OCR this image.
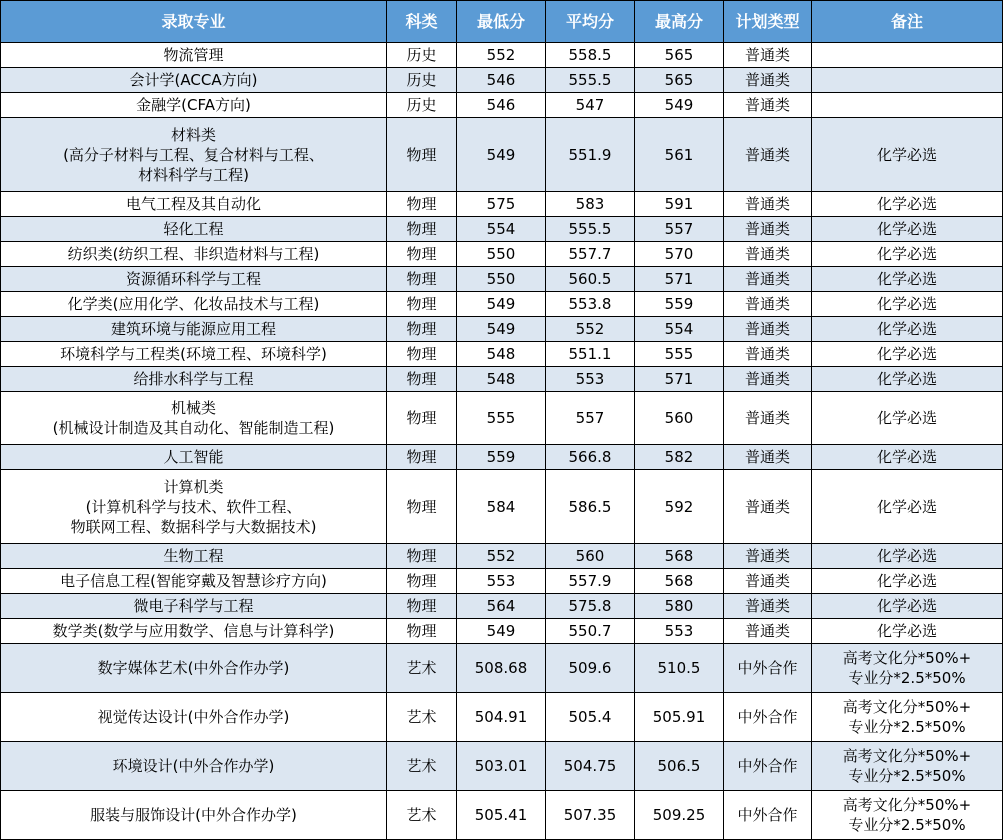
录取专业	科类	最低分	平均分	最高分	计划类型	备注
物流管理	历史	552	558.5	565	普通类	
会计学(ACCA方向)	历史	546	555.5	565	普通类	
金融学(CFA方向)	历史	546	547	549	普通类	
材料类
(高分子材料与工程、复合材料与工程、
材料科学与工程)	物理	549	551.9	561	普通类	化学必选
电气工程及其自动化	物理	575	583	591	普通类	化学必选
轻化工程	物理	554	555.5	557	普通类	化学必选
纺织类(纺织工程、非织造材料与工程)	物理	550	557.7	570	普通类	化学必选
资源循环科学与工程	物理	550	560.5	571	普通类	化学必选
化学类(应用化学、化妆品技术与工程)	物理	549	553.8	559	普通类	化学必选
建筑环境与能源应用工程	物理	549	552	554	普通类	化学必选
环境科学与工程类(环境工程、环境科学)	物理	548	551.1	555	普通类	化学必选
给排水科学与工程	物理	548	553	571	普通类	化学必选
机械类
(机械设计制造及其自动化、智能制造工程)	物理	555	557	560	普通类	化学必选
人工智能	物理	559	566.8	582	普通类	化学必选
计算机类
(计算机科学与技术、软件工程、
物联网工程、数据科学与大数据技术)	物理	584	586.5	592	普通类	化学必选
生物工程	物理	552	560	568	普通类	化学必选
电子信息工程(智能穿戴及智慧诊疗方向)	物理	553	557.9	568	普通类	化学必选
微电子科学与工程	物理	564	575.8	580	普通类	化学必选
数学类(数学与应用数学、信息与计算科学)	物理	549	550.7	553	普通类	化学必选
数字媒体艺术(中外合作办学)	艺术	508.68	509.6	510.5	中外合作	高考文化分*50%+
专业分*2.5*50%
视觉传达设计(中外合作办学)	艺术	504.91	505.4	505.91	中外合作	高考文化分*50%+
专业分*2.5*50%
环境设计(中外合作办学)	艺术	503.01	504.75	506.5	中外合作	高考文化分*50%+
专业分*2.5*50%
服装与服饰设计(中外合作办学)	艺术	505.41	507.35	509.25	中外合作	高考文化分*50%+
专业分*2.5*50%
